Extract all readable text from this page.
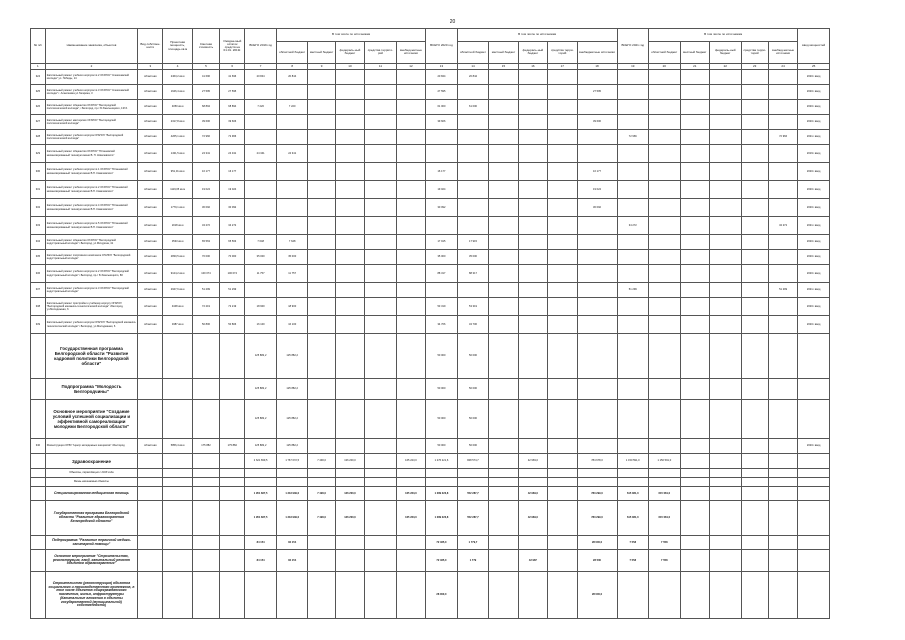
20
№ п/п	Наименование заказчика, объектов	Вид собствен-ности	Проектная мощность, площадь кв.м	Сметная стоимость	Ожидае-мый остаток средств на 01.01. 2019г.	ВСЕГО 2019 год	В том числе по источникам					ВСЕГО 2020 год	В том числе по источникам					ВСЕГО 2021 год	В том числе по источникам					ввод мощностей
							областной бюджет	местный бюджет	федераль-ный бюджет	средства террито-рий	внебюд-жетные источники		областной бюджет	местный бюджет	федераль-ный бюджет	средства терри-торий	внебюджетные источники		областной бюджет	местный бюджет	федераль-ный бюджет	средства терри-торий	внебюд-жетные источники	
1	2	3	4	5	6	7	8	9	10	11	12	13	14	15	16	17	18	19	20	21	22	23	24	25
324	Капитальный ремонт учебного корпуса № 2 ОГАПОУ "Алексеевский колледж" ул. Победы, 14	областная	2463,2 кв.м	41 696	41 696	20 844	20 844					20 844	20 844											2020г. ввод
325	Капитальный ремонт учебного корпуса № 3 ОГАПОУ "Алексеевский колледж" г. Алексеевка ул.Гагарина, 3	областная	1646,4 кв.м	27 595	27 595							27 595					27 595							2020г. ввод
326	Капитальный ремонт общежития ОГАПОУ "Белгородский политехнический колледж", г.Белгород, пр-т Б.Хмельницкого, 137А	областная	4050 кв.м	68 894	68 894	7 220	7 220					61 000	61 000											2020г. ввод
327	Капитальный ремонт мастерских ОГАПОУ "Белгородский политехнический колледж"	областная	2317,8 кв.м	39 606	39 606							39 606					39 606							2020г. ввод
328	Капитальный ремонт учебного корпуса ОГАПОУ "Белгородский политехнический колледж"	областная	4265,1 кв.м	72 966	72 966													72 966					72 966	2021г. ввод
329	Капитальный ремонт общежития ОГАПОУ "Юташевский механизированный техникум имени В. П. Ковалевского"	областная	1431,5 кв.м	24 341	24 341	24 341	24 341																	2019г. ввод
330	Капитальный ремонт учебного корпуса № 1 ОГАПОУ "Юташевский механизированный техникум имени В.П. Ковалевского"	областная	951,01 кв.м	16 177	16 177							16 177					16 177							2020г. ввод
331	Капитальный ремонт учебного корпуса № 2 ОГАПОУ "Юташевский механизированный техникум имени В.П. Ковалевского"	областная	1119,05 кв.м	19 024	19 024							19 024					19 024							2020г. ввод
332	Капитальный ремонт учебного корпуса № 4 ОГАПОУ "Юташевский механизированный техникум имени В.П. Ковалевского"	областная	1779,1 кв.м	30 092	30 092							30 092					30 092							2020г. ввод
333	Капитальный ремонт учебного корпуса № 5 ОГАПОУ "Юташевский механизированный техникум имени В.П. Ковалевского"	областная	2018 кв.м	34 272	34 272													34 272					34 272	2021г. ввод
334	Капитальный ремонт общежития ОГАПОУ "Белгородский индустриальный колледж" г.Белгород, ул.Мичурина, 41	областная	3533 кв.м	65 563	65 563	7 648	7 648					17 915	17 915											2020г. ввод
335	Капитальный ремонт спортивного комплекса ОГАПОУ "Белгородский индустриальный колледж"	областная	2830,5 кв.м	70 000	70 000	35 000	35 000					35 000	35 000											2020г. ввод
336	Капитальный ремонт учебного корпуса № 2 ОГАПОУ "Белгородский индустриальный колледж" г.Белгород, пр-т Б.Хмельницкого, 80	областная	9124,2 кв.м	100 074	100 074	11 757	11 757					88 317	88 317											2020г. ввод
337	Капитальный ремонт учебного корпуса № 3 ОГАПОУ "Белгородский индустриальный колледж"	областная	2947,6 кв.м	51 299	51 299													51 299					51 299	2021г. ввод
338	Капитальный ремонт пристройки к учебному корпусу ОГАПОУ "Белгородский механико-технологический колледж" г.Белгород, ул.Молодежная, 6	областная	4348 кв.м	72 219	72 219	18 900	18 900					53 319	53 319											2020г. ввод
339	Капитальный ремонт учебного корпуса ОГАПОУ "Белгородский механико-технологический колледж" г.Белгород, ул.Молодежная, 6	областная	3387 кв.м	50 806	50 806	16 100	16 100					34 706	34 706											2020г. ввод
	Государственная программа Белгородской области "Развитие кадровой политики Белгородской области"					125 882,2	125 882,2					50 000	50 000											
	Подпрограмма "Молодость Белгородчины"					125 882,2	125 882,2					50 000	50 000											
	Основное мероприятие "Создание условий успешной социализации и эффективной самореализации молодежи Белгородской области"					125 882,2	125 882,2					50 000	50 000											
340	Реконструкция ОГБУ "Центр молодежных инициатив" г.Белгород	областная	5856,4 кв.м	175 882	175 882	125 882,2	125 882,2					50 000	50 000											2020г. ввод
	Здравоохранение					2 621 839,5	1 767 672,5	7 490,0	136 200,0		165 223,0	1 276 221,6	848 574,7		42 969,0		784 678,0	1 150 591,0	1 150 591,0					
	Объекты, переходящие с 2018 года																							
	Вновь начинаемые объекты																							
	Специализированная медицинская помощь					1 951 837,5	1 343 939,0	7 490,0	136 200,0		165 223,0	1 289 223,8	552 287,7		42 969,0		783 299,0	615 081,0	615 081,0					
	Государственная программа Белгородской области "Развитие здравоохранения Белгородской области"					1 951 837,5	1 343 939,0	7 490,0	136 200,0		165 223,0	1 289 223,8	552 287,7		42 969,0		783 299,0	615 081,0	615 081,0					
	Подпрограмма "Развитие первичной медико-санитарной помощи"					84 154	84 154					72 465,0	1 779,7				28 000,0	7 558	7 558					
	Основное мероприятие "Строительство, реконструкция, ввод, капитальный ремонт объектов здравоохранения"					84 154	84 154					72 465,0	1 779		42 987		28 500	7 558	7 558					
	Строительство (реконструкция) объектов социального и производственного комплексов, в том числе объектов общегражданского назначения, жилья, инфраструктуры (Капитальные вложения в объекты государственной (муниципальной) собственности)											28 000,0					28 000,0							
